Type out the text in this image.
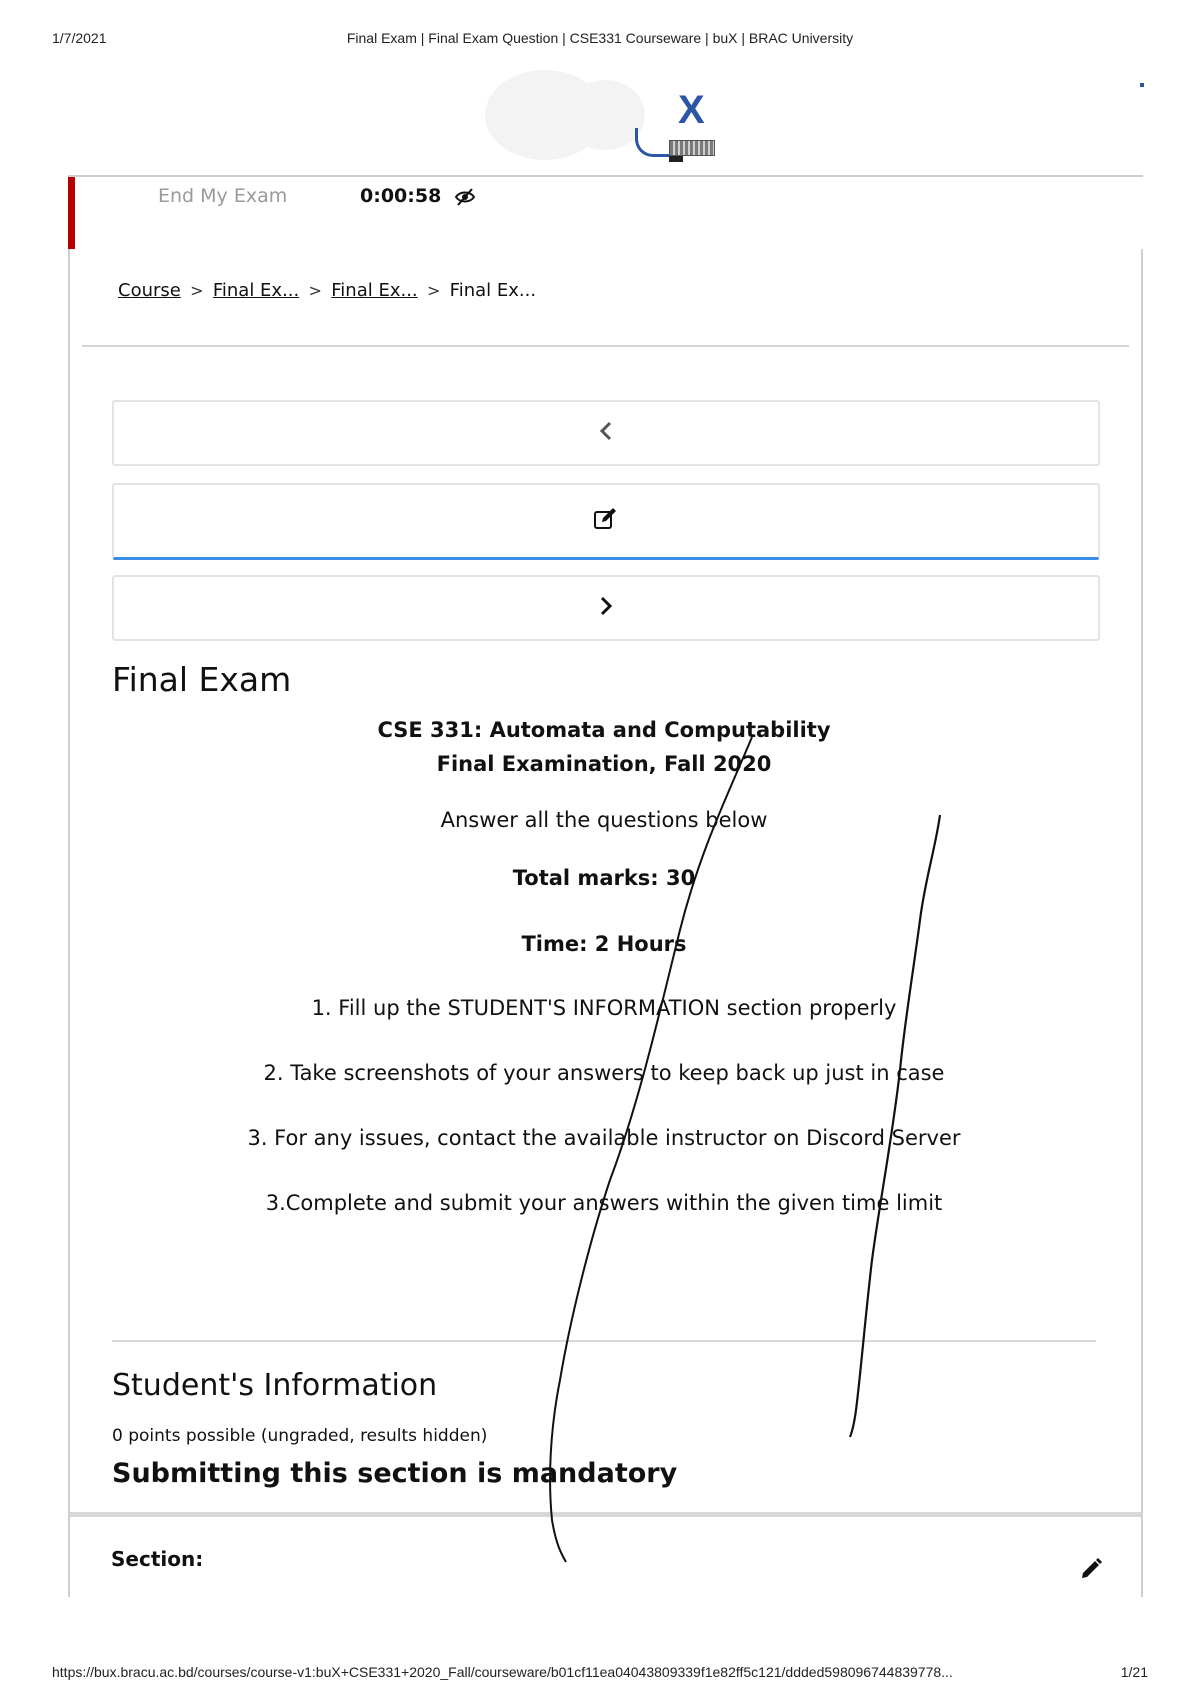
1/7/2021	Final Exam | Final Exam Question | CSE331 Courseware | buX | BRAC University
X
End My Exam	0:00:58
Course > Final Ex... > Final Ex... > Final Ex...
Final Exam

CSE 331: Automata and Computability

Final Examination, Fall 2020

Answer all the questions below

Total marks: 30

Time: 2 Hours

1. Fill up the STUDENT'S INFORMATION section properly

2. Take screenshots of your answers to keep back up just in case

3. For any issues, contact the available instructor on Discord Server

3.Complete and submit your answers within the given time limit

Student's Information
0 points possible (ungraded, results hidden)
Submitting this section is mandatory
Section:
https://bux.bracu.ac.bd/courses/course-v1:buX+CSE331+2020_Fall/courseware/b01cf11ea04043809339f1e82ff5c121/ddded598096744839778...	1/21
